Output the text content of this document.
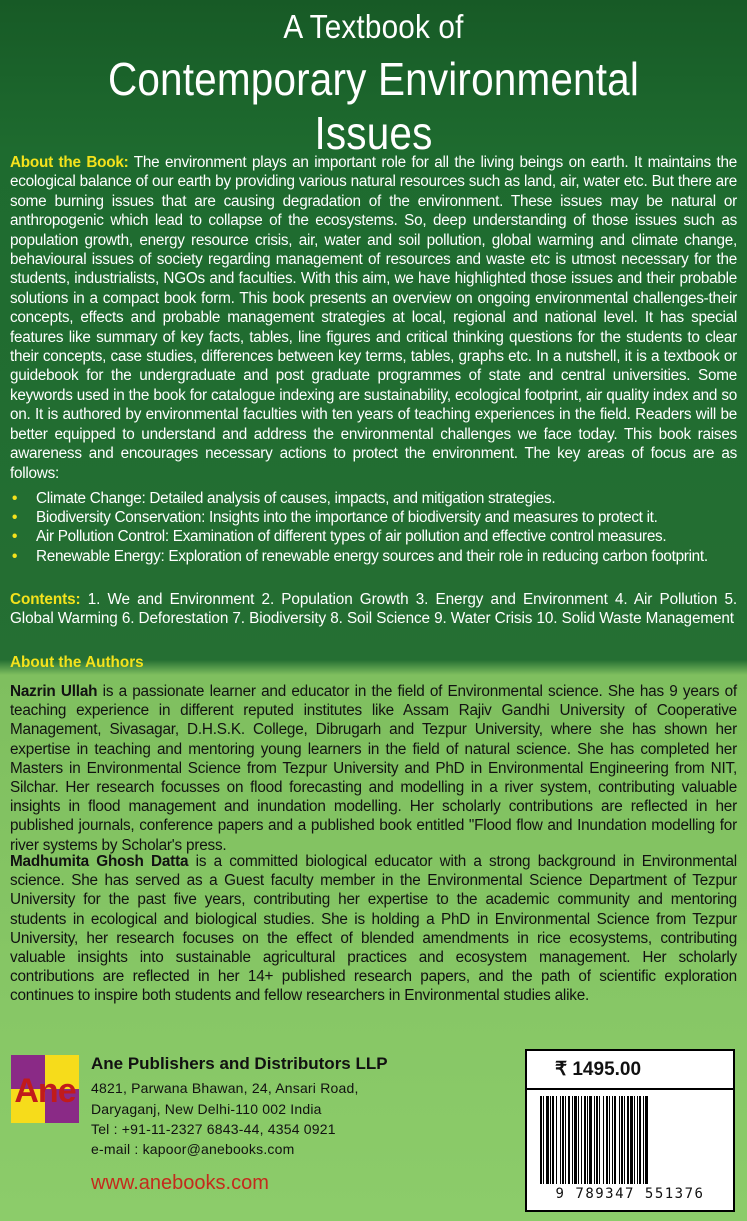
A Textbook of
Contemporary Environmental Issues
About the Book: The environment plays an important role for all the living beings on earth. It maintains the ecological balance of our earth by providing various natural resources such as land, air, water etc. But there are some burning issues that are causing degradation of the environment. These issues may be natural or anthropogenic which lead to collapse of the ecosystems. So, deep understanding of those issues such as population growth, energy resource crisis, air, water and soil pollution, global warming and climate change, behavioural issues of society regarding management of resources and waste etc is utmost necessary for the students, industrialists, NGOs and faculties. With this aim, we have highlighted those issues and their probable solutions in a compact book form. This book presents an overview on ongoing environmental challenges-their concepts, effects and probable management strategies at local, regional and national level. It has special features like summary of key facts, tables, line figures and critical thinking questions for the students to clear their concepts, case studies, differences between key terms, tables, graphs etc. In a nutshell, it is a textbook or guidebook for the undergraduate and post graduate programmes of state and central universities. Some keywords used in the book for catalogue indexing are sustainability, ecological footprint, air quality index and so on. It is authored by environmental faculties with ten years of teaching experiences in the field. Readers will be better equipped to understand and address the environmental challenges we face today. This book raises awareness and encourages necessary actions to protect the environment. The key areas of focus are as follows:
• Climate Change: Detailed analysis of causes, impacts, and mitigation strategies.
• Biodiversity Conservation: Insights into the importance of biodiversity and measures to protect it.
• Air Pollution Control: Examination of different types of air pollution and effective control measures.
• Renewable Energy: Exploration of renewable energy sources and their role in reducing carbon footprint.
Contents: 1. We and Environment 2. Population Growth 3. Energy and Environment 4. Air Pollution 5. Global Warming 6. Deforestation 7. Biodiversity 8. Soil Science 9. Water Crisis 10. Solid Waste Management
About the Authors
Nazrin Ullah is a passionate learner and educator in the field of Environmental science. She has 9 years of teaching experience in different reputed institutes like Assam Rajiv Gandhi University of Cooperative Management, Sivasagar, D.H.S.K. College, Dibrugarh and Tezpur University, where she has shown her expertise in teaching and mentoring young learners in the field of natural science. She has completed her Masters in Environmental Science from Tezpur University and PhD in Environmental Engineering from NIT, Silchar. Her research focusses on flood forecasting and modelling in a river system, contributing valuable insights in flood management and inundation modelling. Her scholarly contributions are reflected in her published journals, conference papers and a published book entitled "Flood flow and Inundation modelling for river systems by Scholar's press.
Madhumita Ghosh Datta is a committed biological educator with a strong background in Environmental science. She has served as a Guest faculty member in the Environmental Science Department of Tezpur University for the past five years, contributing her expertise to the academic community and mentoring students in ecological and biological studies. She is holding a PhD in Environmental Science from Tezpur University, her research focuses on the effect of blended amendments in rice ecosystems, contributing valuable insights into sustainable agricultural practices and ecosystem management. Her scholarly contributions are reflected in her 14+ published research papers, and the path of scientific exploration continues to inspire both students and fellow researchers in Environmental studies alike.
Ane
Ane Publishers and Distributors LLP
4821, Parwana Bhawan, 24, Ansari Road,
Daryaganj, New Delhi-110 002 India
Tel : +91-11-2327 6843-44, 4354 0921
e-mail : kapoor@anebooks.com
www.anebooks.com
₹ 1495.00
9 789347 551376
